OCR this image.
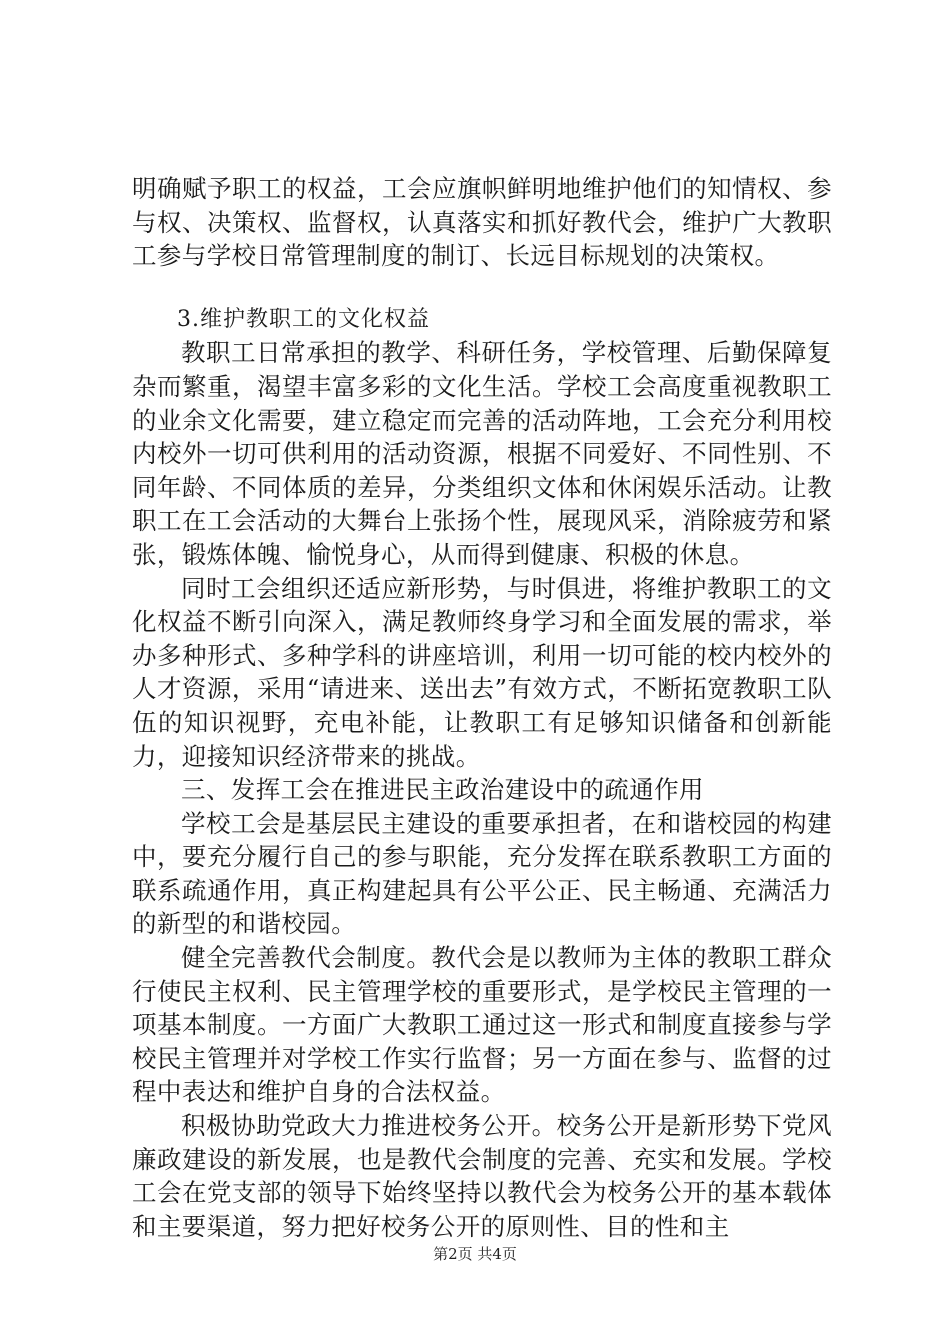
明确赋予职工的权益，工会应旗帜鲜明地维护他们的知情权、参与权、决策权、监督权，认真落实和抓好教代会，维护广大教职工参与学校日常管理制度的制订、长远目标规划的决策权。

3.维护教职工的文化权益

教职工日常承担的教学、科研任务，学校管理、后勤保障复杂而繁重，渴望丰富多彩的文化生活。学校工会高度重视教职工的业余文化需要，建立稳定而完善的活动阵地，工会充分利用校内校外一切可供利用的活动资源，根据不同爱好、不同性别、不同年龄、不同体质的差异，分类组织文体和休闲娱乐活动。让教职工在工会活动的大舞台上张扬个性，展现风采，消除疲劳和紧张，锻炼体魄、愉悦身心，从而得到健康、积极的休息。

同时工会组织还适应新形势，与时俱进，将维护教职工的文化权益不断引向深入，满足教师终身学习和全面发展的需求，举办多种形式、多种学科的讲座培训，利用一切可能的校内校外的人才资源，采用“请进来、送出去”有效方式，不断拓宽教职工队伍的知识视野，充电补能，让教职工有足够知识储备和创新能力，迎接知识经济带来的挑战。

三、发挥工会在推进民主政治建设中的疏通作用

学校工会是基层民主建设的重要承担者，在和谐校园的构建中，要充分履行自己的参与职能，充分发挥在联系教职工方面的联系疏通作用，真正构建起具有公平公正、民主畅通、充满活力的新型的和谐校园。

健全完善教代会制度。教代会是以教师为主体的教职工群众行使民主权利、民主管理学校的重要形式，是学校民主管理的一项基本制度。一方面广大教职工通过这一形式和制度直接参与学校民主管理并对学校工作实行监督；另一方面在参与、监督的过程中表达和维护自身的合法权益。

积极协助党政大力推进校务公开。校务公开是新形势下党风廉政建设的新发展，也是教代会制度的完善、充实和发展。学校工会在党支部的领导下始终坚持以教代会为校务公开的基本载体和主要渠道，努力把好校务公开的原则性、目的性和主

第2页 共4页
